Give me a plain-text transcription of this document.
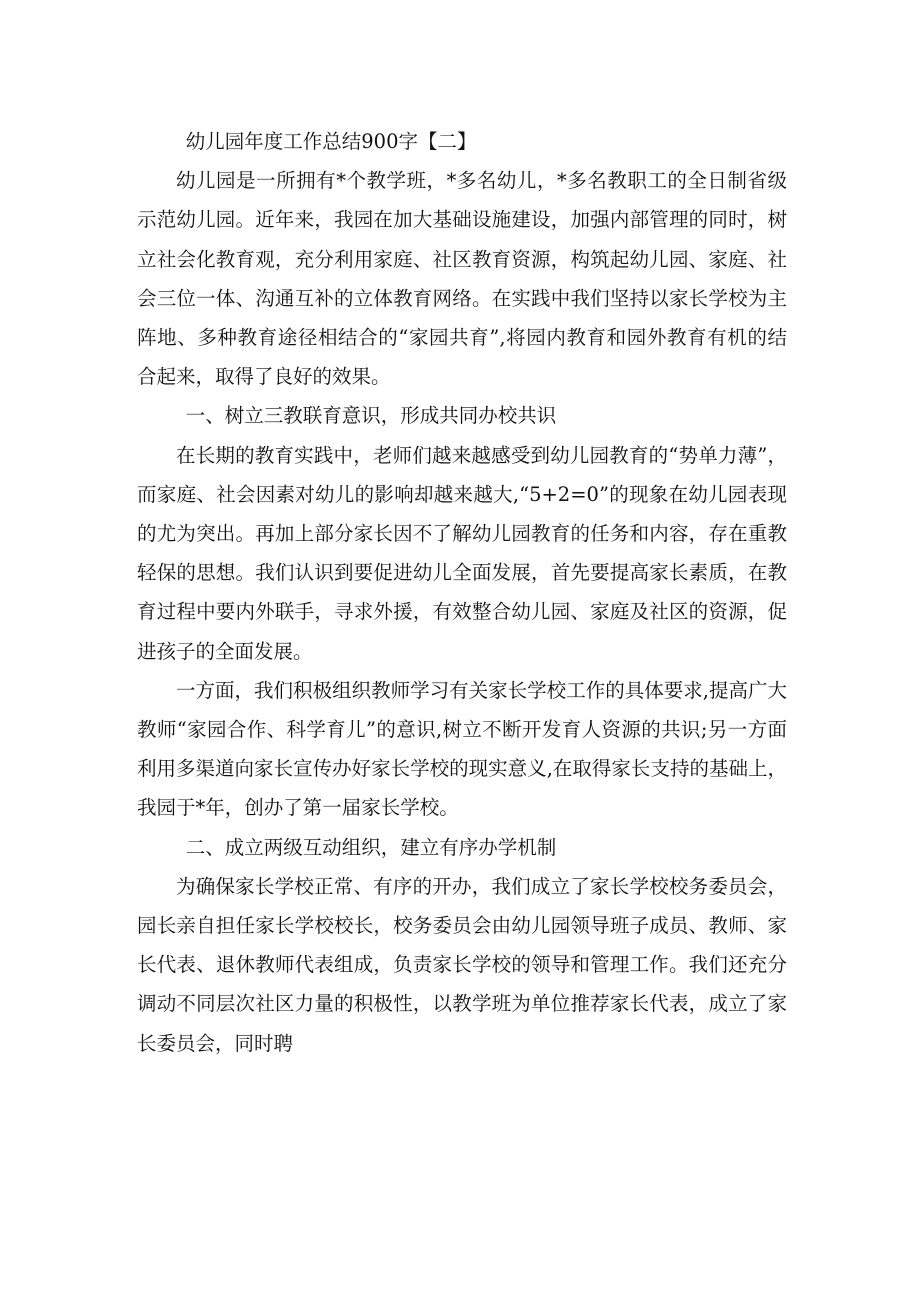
幼儿园年度工作总结900字【二】

幼儿园是一所拥有*个教学班，*多名幼儿，*多名教职工的全日制省级示范幼儿园。近年来，我园在加大基础设施建设，加强内部管理的同时，树立社会化教育观，充分利用家庭、社区教育资源，构筑起幼儿园、家庭、社会三位一体、沟通互补的立体教育网络。在实践中我们坚持以家长学校为主阵地、多种教育途径相结合的“家园共育”,将园内教育和园外教育有机的结合起来，取得了良好的效果。

一、树立三教联育意识，形成共同办校共识

在长期的教育实践中，老师们越来越感受到幼儿园教育的“势单力薄”，而家庭、社会因素对幼儿的影响却越来越大,“5+2=0”的现象在幼儿园表现的尤为突出。再加上部分家长因不了解幼儿园教育的任务和内容，存在重教轻保的思想。我们认识到要促进幼儿全面发展，首先要提高家长素质，在教育过程中要内外联手，寻求外援，有效整合幼儿园、家庭及社区的资源，促进孩子的全面发展。

一方面，我们积极组织教师学习有关家长学校工作的具体要求,提高广大教师“家园合作、科学育儿”的意识,树立不断开发育人资源的共识;另一方面利用多渠道向家长宣传办好家长学校的现实意义,在取得家长支持的基础上，我园于*年，创办了第一届家长学校。

二、成立两级互动组织，建立有序办学机制

为确保家长学校正常、有序的开办，我们成立了家长学校校务委员会，园长亲自担任家长学校校长，校务委员会由幼儿园领导班子成员、教师、家长代表、退休教师代表组成，负责家长学校的领导和管理工作。我们还充分调动不同层次社区力量的积极性，以教学班为单位推荐家长代表，成立了家长委员会，同时聘
